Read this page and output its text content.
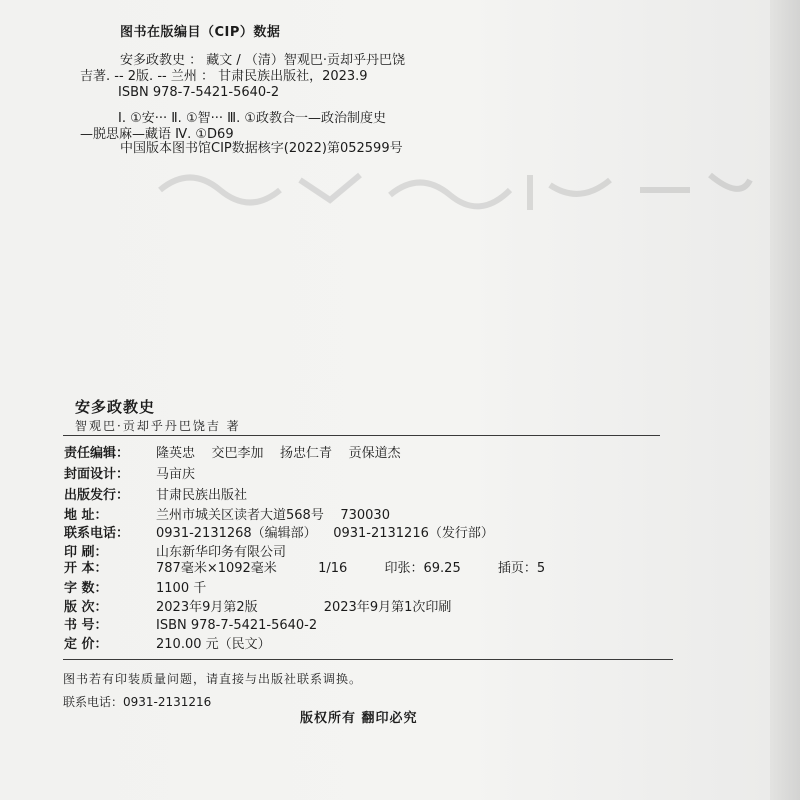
图书在版编目（CIP）数据
安多政教史 ： 藏文 / （清）智观巴·贡却乎丹巴饶
吉著. -- 2版. -- 兰州 ： 甘肃民族出版社，2023.9
ISBN 978-7-5421-5640-2
Ⅰ. ①安··· Ⅱ. ①智··· Ⅲ. ①政教合一—政治制度史
—脱思麻—藏语 Ⅳ. ①D69
中国版本图书馆CIP数据核字(2022)第052599号
安多政教史
智观巴·贡却乎丹巴饶吉 著
责任编辑： 隆英忠    交巴李加    扬忠仁青    贡保道杰
封面设计： 马亩庆
出版发行： 甘肃民族出版社
地 址：	兰州市城关区读者大道568号    730030
联系电话： 0931-2131268（编辑部）    0931-2131216（发行部）
印 刷：	山东新华印务有限公司
开 本：	787毫米×1092毫米          1/16         印张：69.25         插页：5
字 数：	1100 千
版 次：	2023年9月第2版                2023年9月第1次印刷
书 号：	ISBN 978-7-5421-5640-2
定 价：	210.00 元（民文）
图书若有印装质量问题，请直接与出版社联系调换。
联系电话：0931-2131216
版权所有 翻印必究
